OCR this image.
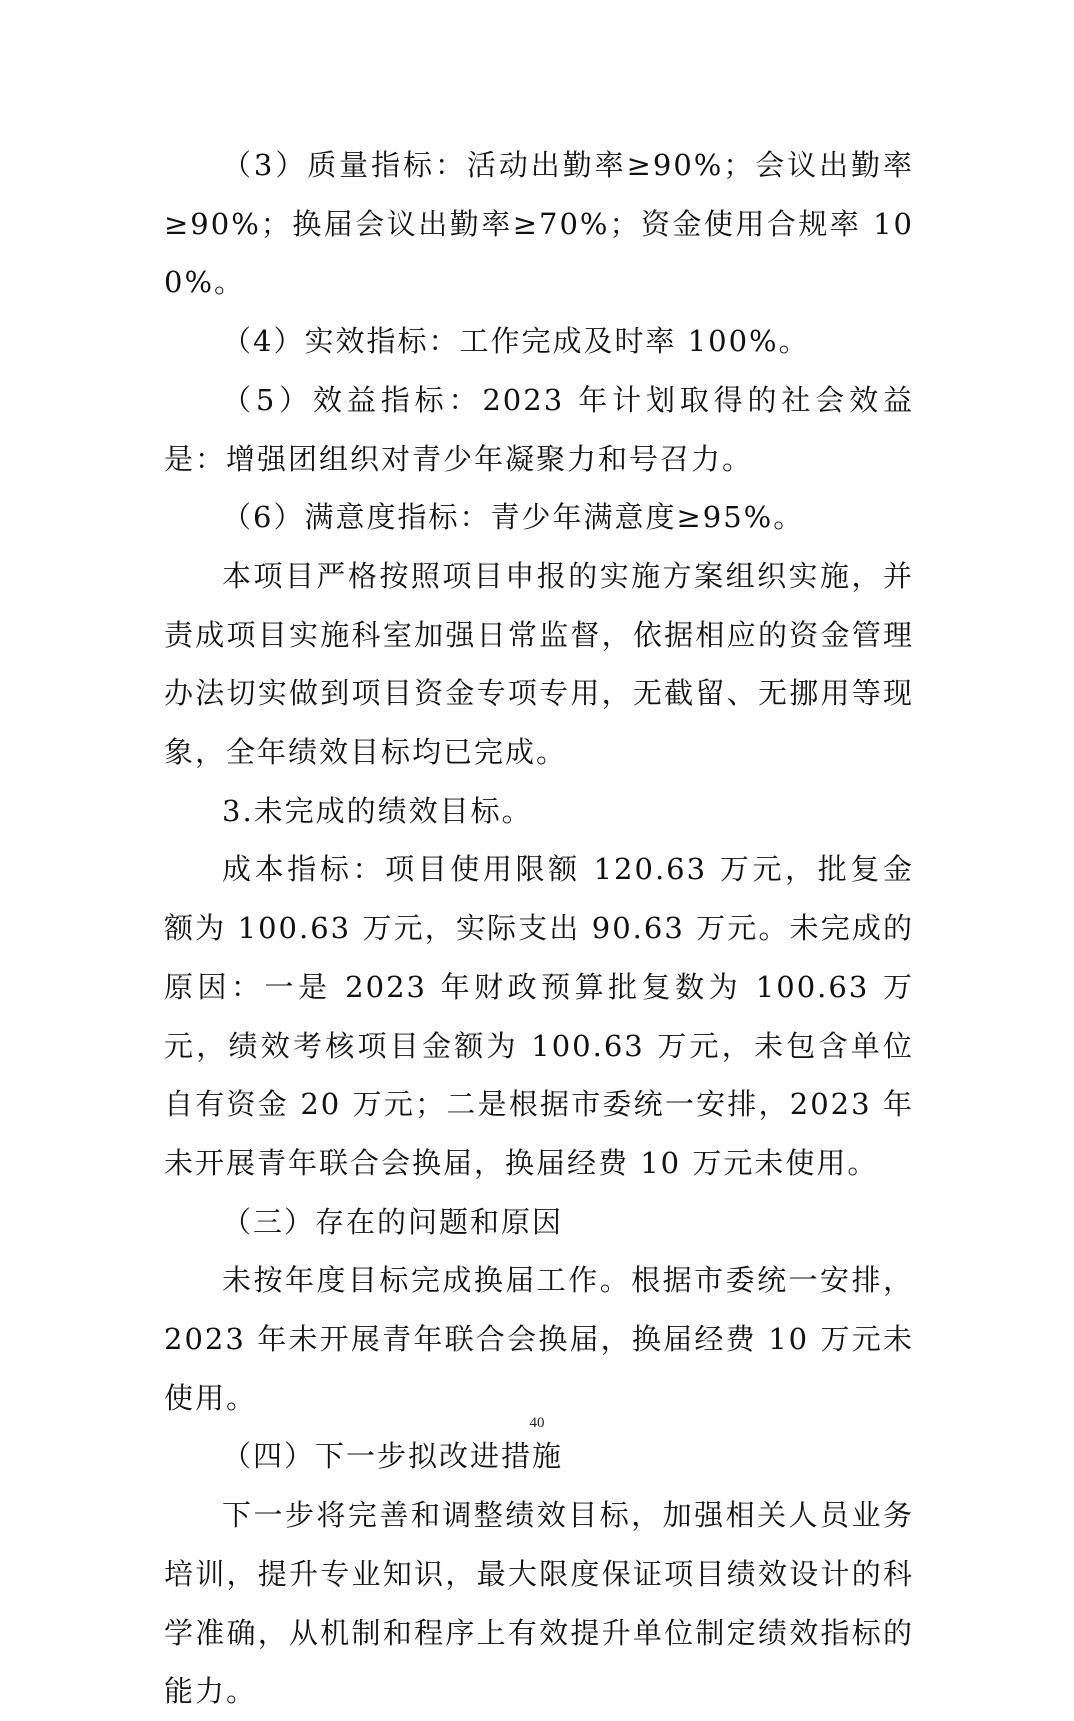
（3）质量指标：活动出勤率≥90%；会议出勤率≥90%；换届会议出勤率≥70%；资金使用合规率 100%。

（4）实效指标：工作完成及时率 100%。

（5）效益指标：2023 年计划取得的社会效益是：增强团组织对青少年凝聚力和号召力。

（6）满意度指标：青少年满意度≥95%。

本项目严格按照项目申报的实施方案组织实施，并责成项目实施科室加强日常监督，依据相应的资金管理办法切实做到项目资金专项专用，无截留、无挪用等现象，全年绩效目标均已完成。

3.未完成的绩效目标。

成本指标：项目使用限额 120.63 万元，批复金额为 100.63 万元，实际支出 90.63 万元。未完成的原因：一是 2023 年财政预算批复数为 100.63 万元，绩效考核项目金额为 100.63 万元，未包含单位自有资金 20 万元；二是根据市委统一安排，2023 年未开展青年联合会换届，换届经费 10 万元未使用。

（三）存在的问题和原因

未按年度目标完成换届工作。根据市委统一安排，2023 年未开展青年联合会换届，换届经费 10 万元未使用。

（四）下一步拟改进措施

下一步将完善和调整绩效目标，加强相关人员业务培训，提升专业知识，最大限度保证项目绩效设计的科学准确，从机制和程序上有效提升单位制定绩效指标的能力。

40
